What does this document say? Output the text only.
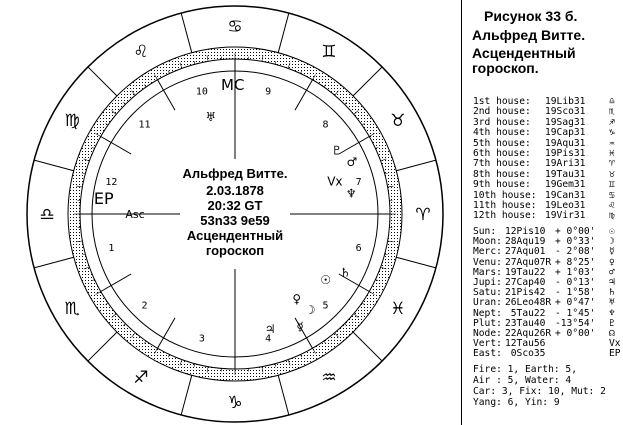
1
2
3	4
5
6
7
8
9
10
11
12
♎
♏
♐
♑
♒
♓
♈
♉
♊
♋
♌
♍
Asc
EP
MC
Vx
♅
♇
♂
♆
☉
♄
☽
♀
☿
♃
Альфред Витте.
2.03.1878
20:32 GT
53n33 9e59
Асцендентный
гороскоп
Рисунок 33 б.
Альфред Витте.
Асцендентный
гороскоп.
1st house: 19Lib31 ♎
2nd house: 19Sco31 ♏
3rd house: 19Sag31 ♐
4th house: 19Cap31 ♑
5th house: 19Aqu31 ♒
6th house: 19Pis31 ♓
7th house: 19Ari31 ♈
8th house: 19Tau31 ♉
9th house: 19Gem31 ♊
10th house: 19Can31 ♋
11th house: 19Leo31 ♌
12th house: 19Vir31 ♍
Sun: 12Pis10 + 0°00' ☉
Moon: 28Aqu19 + 0°33' ☽
Merc: 27Aqu01 - 2°08' ☿
Venu: 27Aqu07R + 8°25' ♀
Mars: 19Tau22 + 1°03' ♂
Jupi: 27Cap40 - 0°13' ♃
Satu: 21Pis42 - 1°58' ♄
Uran: 26Leo48R + 0°47' ♅
Nept: 5Tau22 - 1°45' ♆
Plut: 23Tau40 -13°54' ♇
Node: 22Aqu26R + 0°00' ☊
Vert: 12Tau56	Vx
East: 0Sco35	EP
Fire: 1, Earth: 5,
Air : 5, Water: 4
Car: 3, Fix: 10, Mut: 2
Yang: 6, Yin: 9
